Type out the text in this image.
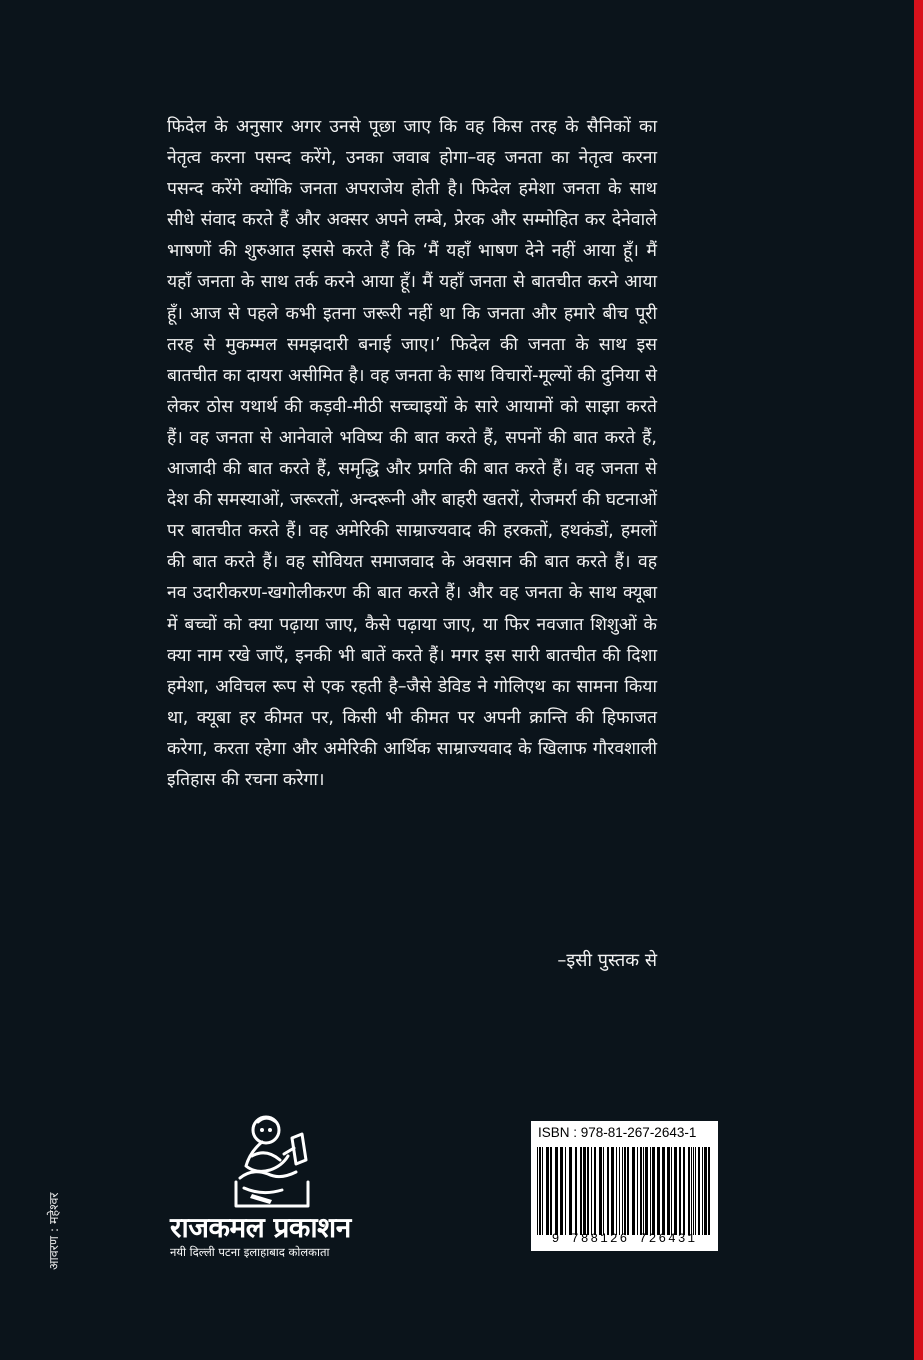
फिदेल के अनुसार अगर उनसे पूछा जाए कि वह किस तरह के सैनिकों का नेतृत्व करना पसन्द करेंगे, उनका जवाब होगा–वह जनता का नेतृत्व करना पसन्द करेंगे क्योंकि जनता अपराजेय होती है। फिदेल हमेशा जनता के साथ सीधे संवाद करते हैं और अक्सर अपने लम्बे, प्रेरक और सम्मोहित कर देनेवाले भाषणों की शुरुआत इससे करते हैं कि ‘मैं यहाँ भाषण देने नहीं आया हूँ। मैं यहाँ जनता के साथ तर्क करने आया हूँ। मैं यहाँ जनता से बातचीत करने आया हूँ। आज से पहले कभी इतना जरूरी नहीं था कि जनता और हमारे बीच पूरी तरह से मुकम्मल समझदारी बनाई जाए।’ फिदेल की जनता के साथ इस बातचीत का दायरा असीमित है। वह जनता के साथ विचारों-मूल्यों की दुनिया से लेकर ठोस यथार्थ की कड़वी-मीठी सच्चाइयों के सारे आयामों को साझा करते हैं। वह जनता से आनेवाले भविष्य की बात करते हैं, सपनों की बात करते हैं, आजादी की बात करते हैं, समृद्धि और प्रगति की बात करते हैं। वह जनता से देश की समस्याओं, जरूरतों, अन्दरूनी और बाहरी खतरों, रोजमर्रा की घटनाओं पर बातचीत करते हैं। वह अमेरिकी साम्राज्यवाद की हरकतों, हथकंडों, हमलों की बात करते हैं। वह सोवियत समाजवाद के अवसान की बात करते हैं। वह नव उदारीकरण-खगोलीकरण की बात करते हैं। और वह जनता के साथ क्यूबा में बच्चों को क्या पढ़ाया जाए, कैसे पढ़ाया जाए, या फिर नवजात शिशुओं के क्या नाम रखे जाएँ, इनकी भी बातें करते हैं। मगर इस सारी बातचीत की दिशा हमेशा, अविचल रूप से एक रहती है–जैसे डेविड ने गोलिएथ का सामना किया था, क्यूबा हर कीमत पर, किसी भी कीमत पर अपनी क्रान्ति की हिफाजत करेगा, करता रहेगा और अमेरिकी आर्थिक साम्राज्यवाद के खिलाफ गौरवशाली इतिहास की रचना करेगा।

–इसी पुस्तक से
आवरण : महेश्वर	राजकमल प्रकाशन
नयी दिल्ली पटना इलाहाबाद कोलकाता
ISBN : 978-81-267-2643-1
9 788126 726431
